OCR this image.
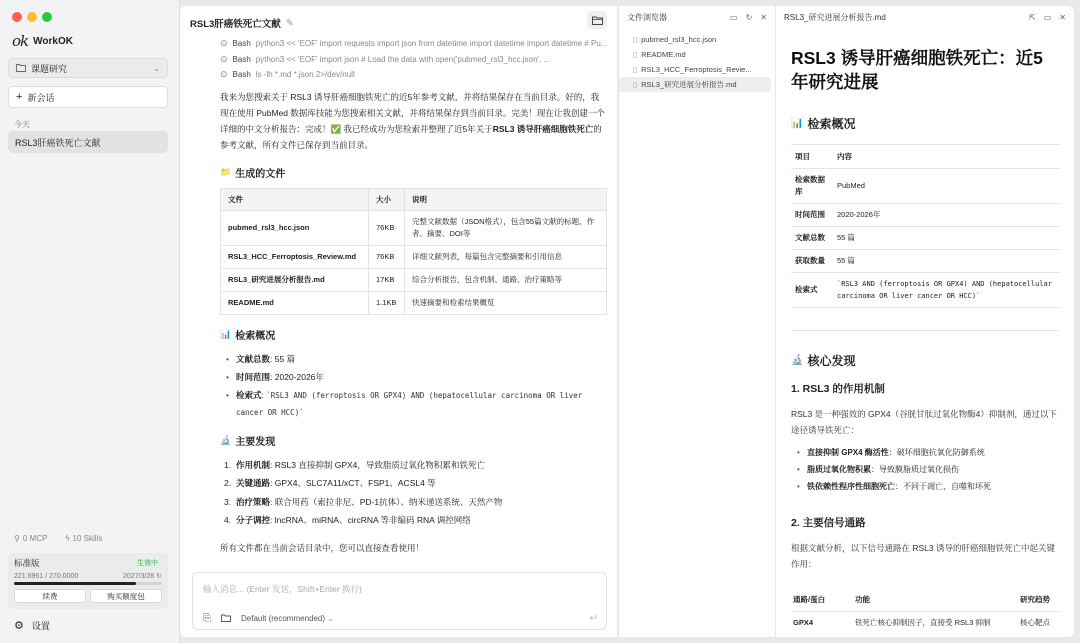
ok WorkOK
课题研究	⌄
+ 新会话
今天
RSL3肝癌铁死亡文献
⚲ 0 MCP ϟ 10 Skills
标准版	生效中
221.6961 / 270.0000	2027/3/28 ↻
续费	购买额度包
⚙ 设置
RSL3肝癌铁死亡文献 ✎
⊙ Bash python3 << 'EOF' import requests import json from datetime import datetime import datetime # Pu...
⊙ Bash python3 << 'EOF' import json # Load the data with open('pubmed_rsl3_hcc.json', ...
⊙ Bash ls -lh *.md *.json 2>/dev/null

我来为您搜索关于 RSL3 诱导肝癌细胞铁死亡的近5年参考文献，并将结果保存在当前目录。好的，我现在使用 PubMed 数据库技能为您搜索相关文献，并将结果保存到当前目录。完美！现在让我创建一个详细的中文分析报告：完成！✅ 我已经成功为您检索并整理了近5年关于RSL3 诱导肝癌细胞铁死亡的参考文献，所有文件已保存到当前目录。

📁 生成的文件
文件	大小	说明
pubmed_rsl3_hcc.json	76KB	完整文献数据（JSON格式），包含55篇文献的标题、作者、摘要、DOI等
RSL3_HCC_Ferroptosis_Review.md	76KB	详细文献列表，每篇包含完整摘要和引用信息
RSL3_研究进展分析报告.md	17KB	综合分析报告，包含机制、通路、治疗策略等
README.md	1.1KB	快速摘要和检索结果概览
📊 检索概况
• 文献总数: 55 篇
• 时间范围: 2020-2026年
• 检索式: `RSL3 AND (ferroptosis OR GPX4) AND (hepatocellular carcinoma OR liver cancer OR HCC)`
🔬 主要发现
1. 作用机制: RSL3 直接抑制 GPX4，导致脂质过氧化物积累和铁死亡
2. 关键通路: GPX4、SLC7A11/xCT、FSP1、ACSL4 等
3. 治疗策略: 联合用药（索拉非尼、PD-1抗体）、纳米递送系统、天然产物
4. 分子调控: lncRNA、miRNA、circRNA 等非编码 RNA 调控网络

所有文件都在当前会话目录中，您可以直接查看使用！

输入消息... (Enter 发送，Shift+Enter 换行)
⎘	Default (recommended) ⌄	↵
文件浏览器	▭ ↻ ✕
▯ pubmed_rsl3_hcc.json
▯ README.md
▯ RSL3_HCC_Ferroptosis_Revie...
▯ RSL3_研究进展分析报告.md
RSL3_研究进展分析报告.md	⇱ ▭ ✕
RSL3 诱导肝癌细胞铁死亡：近5年研究进展
📊 检索概况
项目	内容
检索数据库	PubMed
时间范围	2020-2026年
文献总数	55 篇
获取数量	55 篇
检索式	`RSL3 AND (ferroptosis OR GPX4) AND (hepatocellular carcinoma OR liver cancer OR HCC)`
🔬 核心发现
1. RSL3 的作用机制

RSL3 是一种强效的 GPX4（谷胱甘肽过氧化物酶4）抑制剂，通过以下途径诱导铁死亡：

• 直接抑制 GPX4 酶活性：破坏细胞抗氧化防御系统
• 脂质过氧化物积累：导致膜脂质过氧化损伤
• 铁依赖性程序性细胞死亡：不同于凋亡、自噬和坏死
2. 主要信号通路

根据文献分析，以下信号通路在 RSL3 诱导的肝癌细胞铁死亡中起关键作用：

通路/蛋白	功能	研究趋势
GPX4	铁死亡核心抑制因子，直接受 RSL3 抑制	核心靶点
